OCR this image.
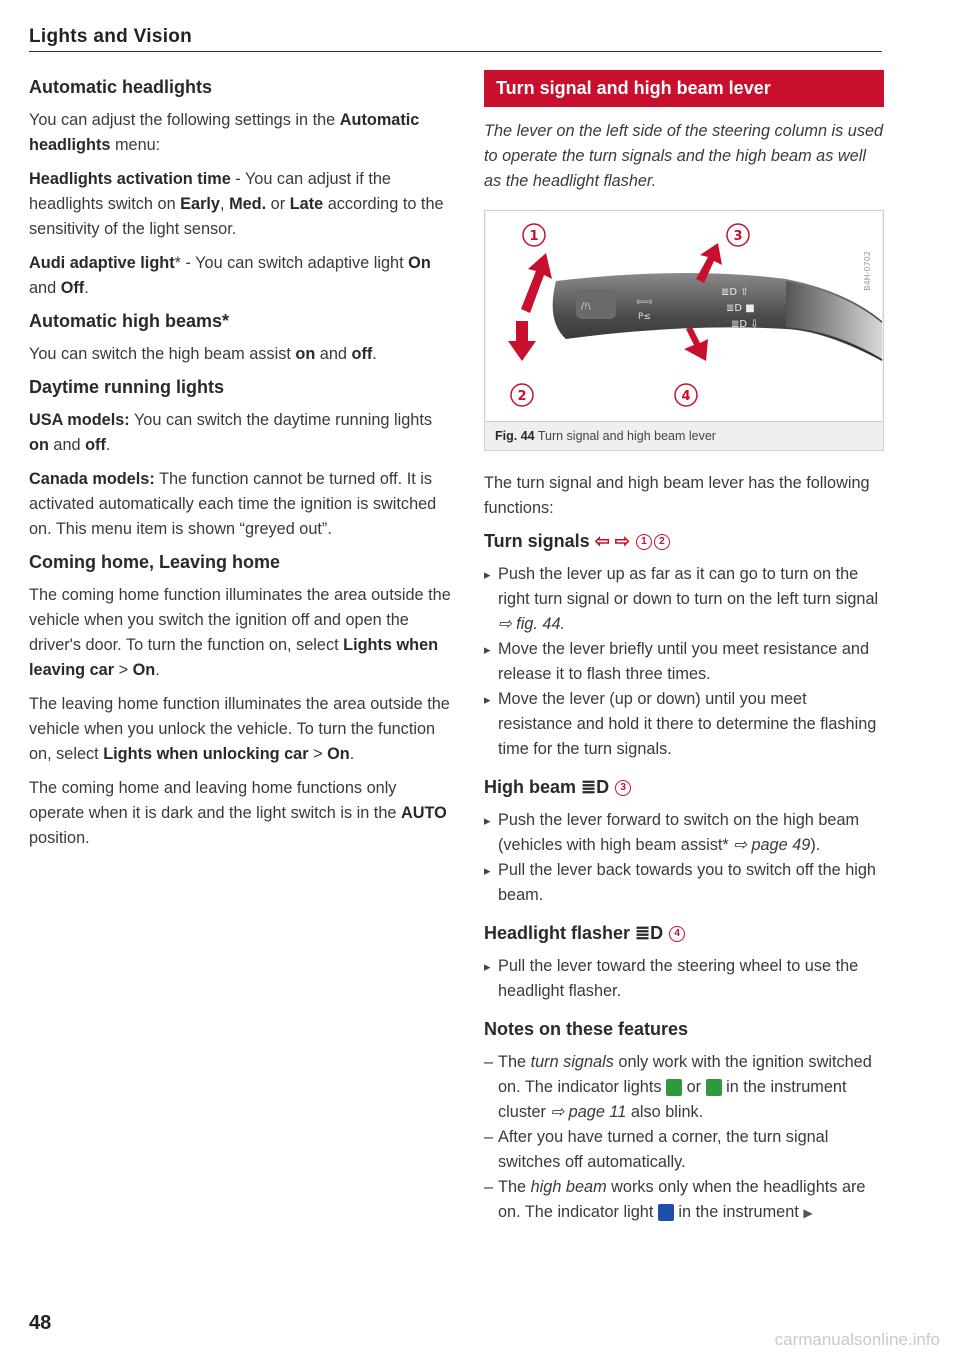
Lights and Vision
Automatic headlights

You can adjust the following settings in the Automatic headlights menu:

Headlights activation time - You can adjust if the headlights switch on Early, Med. or Late according to the sensitivity of the light sensor.

Audi adaptive light* - You can switch adaptive light On and Off.

Automatic high beams*

You can switch the high beam assist on and off.

Daytime running lights

USA models: You can switch the daytime running lights on and off.

Canada models: The function cannot be turned off. It is activated automatically each time the ignition is switched on. This menu item is shown “greyed out”.

Coming home, Leaving home

The coming home function illuminates the area outside the vehicle when you switch the ignition off and open the driver's door. To turn the function on, select Lights when leaving car > On.

The leaving home function illuminates the area outside the vehicle when you unlock the vehicle. To turn the function on, select Lights when unlocking car > On.

The coming home and leaving home functions only operate when it is dark and the light switch is in the AUTO position.

Turn signal and high beam lever
The lever on the left side of the steering column is used to operate the turn signals and the high beam as well as the headlight flasher.
/!\	⇦⇨
P≤
≣D ⇧
≣D ■
≣D ⇩
1
2
3
4
B4H-0702
Fig. 44 Turn signal and high beam lever

The turn signal and high beam lever has the following functions:

Turn signals ⇦ ⇨ 1 2
▸ Push the lever up as far as it can go to turn on the right turn signal or down to turn on the left turn signal ⇨ fig. 44.
▸ Move the lever briefly until you meet resistance and release it to flash three times.
▸ Move the lever (up or down) until you meet resistance and hold it there to determine the flashing time for the turn signals.
High beam ≣D 3
▸ Push the lever forward to switch on the high beam (vehicles with high beam assist* ⇨ page 49).
▸ Pull the lever back towards you to switch off the high beam.
Headlight flasher ≣D 4
▸ Pull the lever toward the steering wheel to use the headlight flasher.
Notes on these features
– The turn signals only work with the ignition switched on. The indicator lights  or  in the instrument cluster ⇨ page 11 also blink.
– After you have turned a corner, the turn signal switches off automatically.
– The high beam works only when the headlights are on. The indicator light  in the instrument ▶
48
carmanualsonline.info
